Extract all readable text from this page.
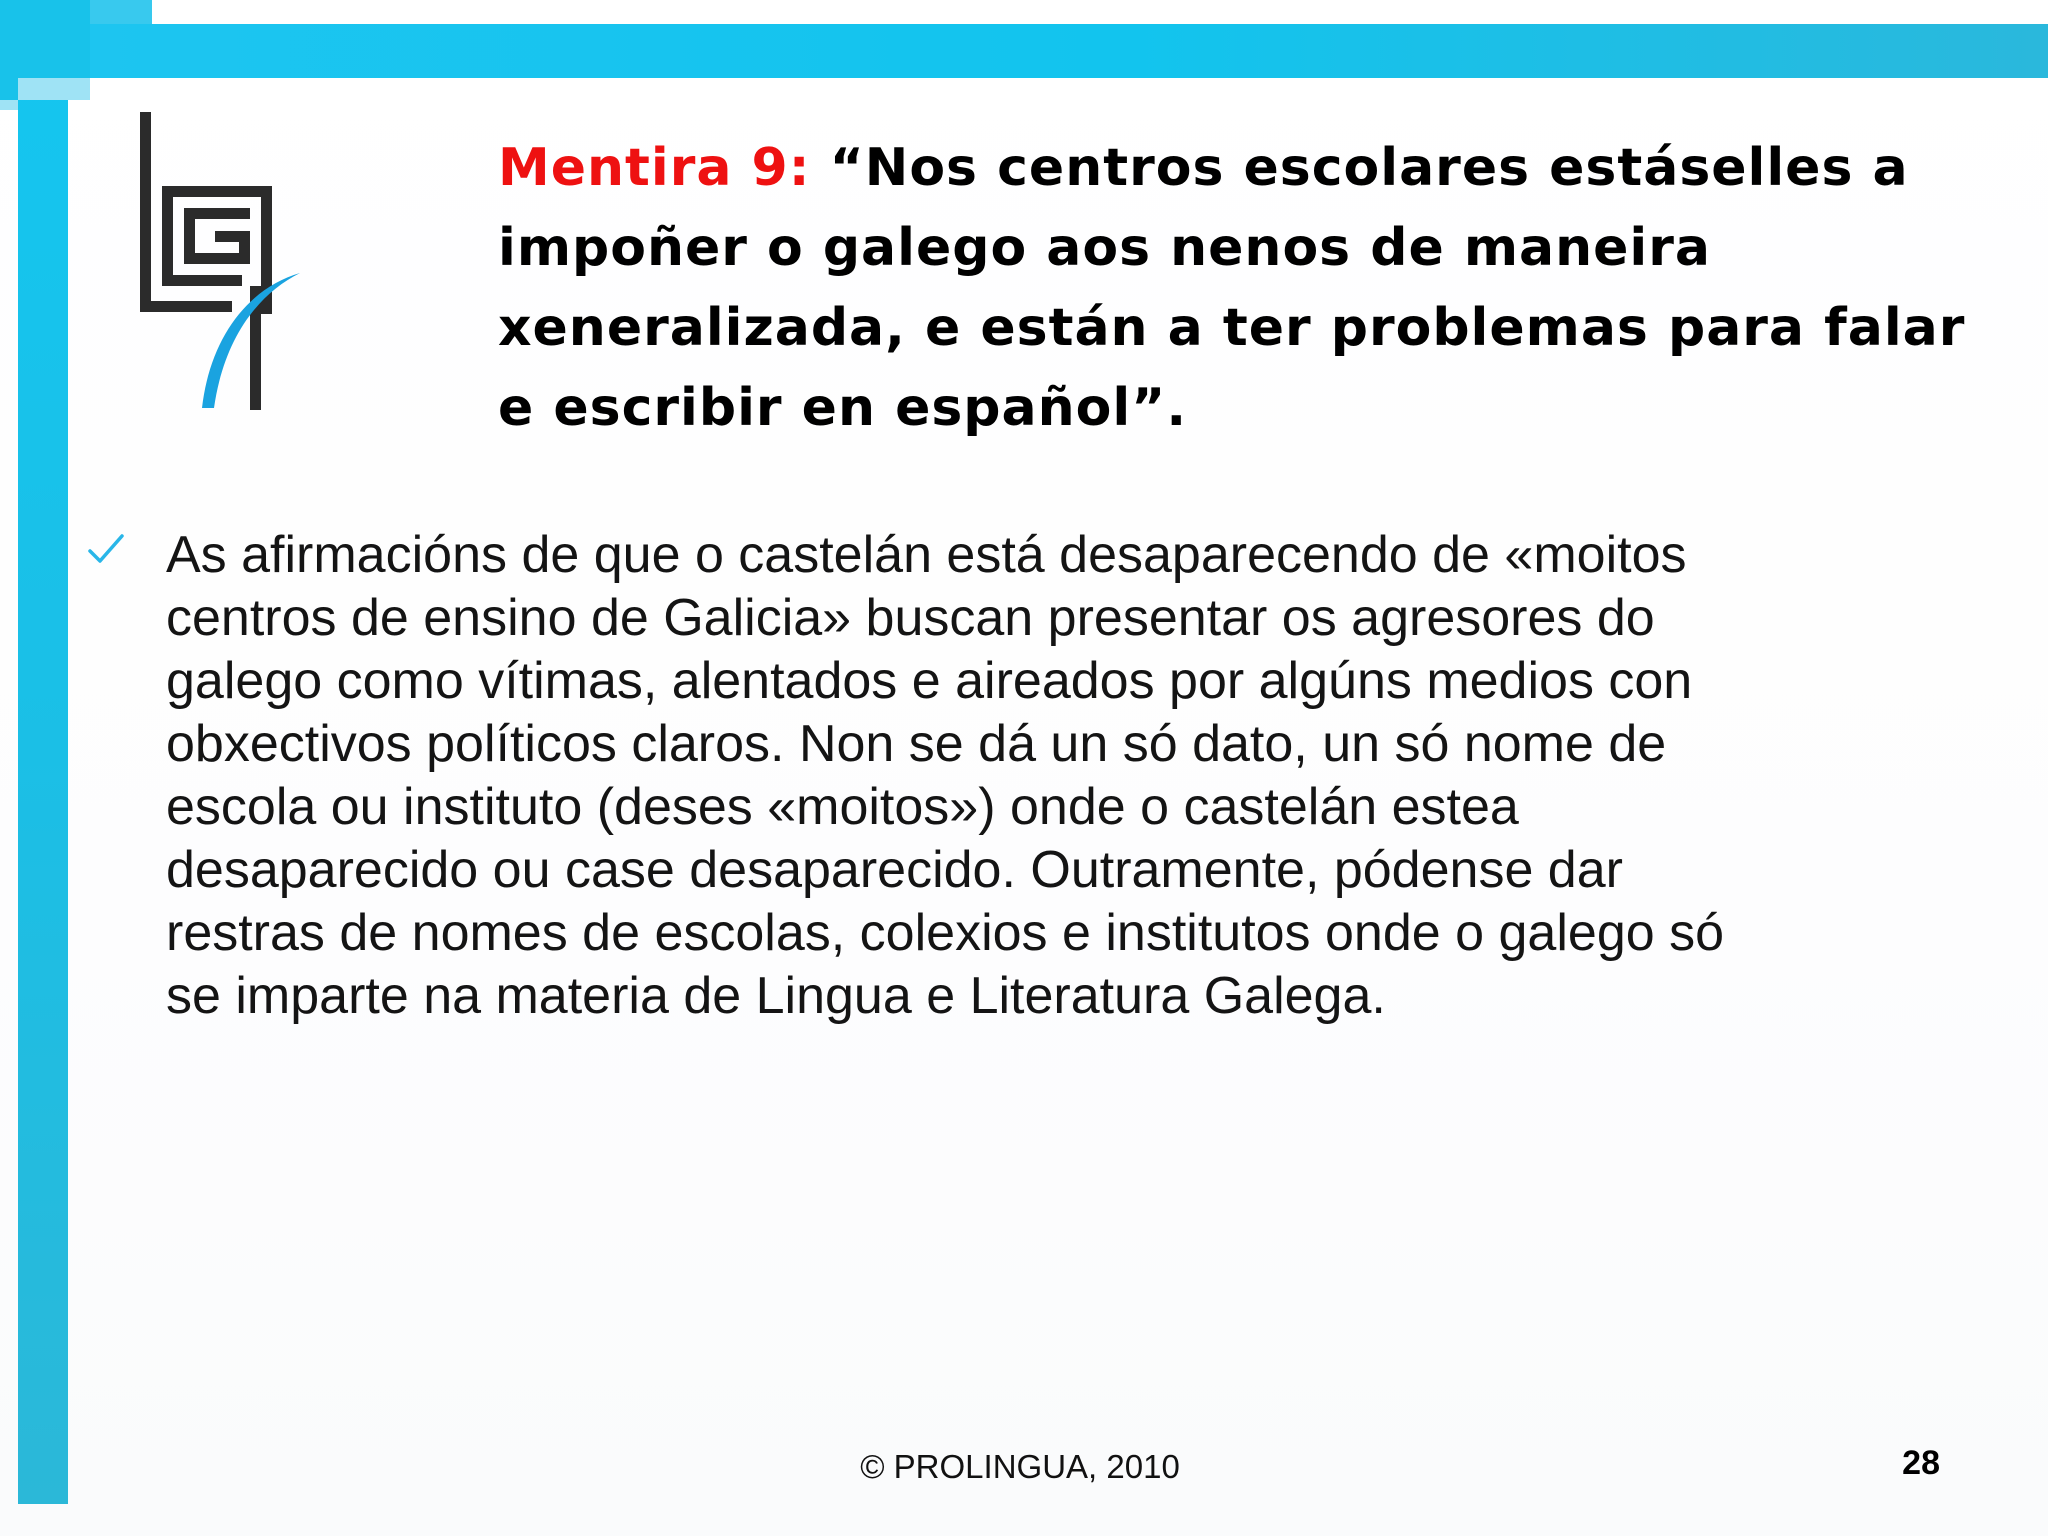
Mentira 9: “Nos centros escolares estáselles a impoñer o galego aos nenos de maneira xeneralizada, e están a ter problemas para falar e escribir en español”.

As afirmacións de que o castelán está desaparecendo de «moitos
centros de ensino de Galicia» buscan presentar os agresores do
galego como vítimas, alentados e aireados por algúns medios con
obxectivos políticos claros. Non se dá un só dato, un só nome de
escola ou instituto (deses «moitos») onde o castelán estea
desaparecido ou case desaparecido. Outramente, pódense dar
restras de nomes de escolas, colexios e institutos onde o galego só
se imparte na materia de Lingua e Literatura Galega.

© PROLINGUA, 2010	28
